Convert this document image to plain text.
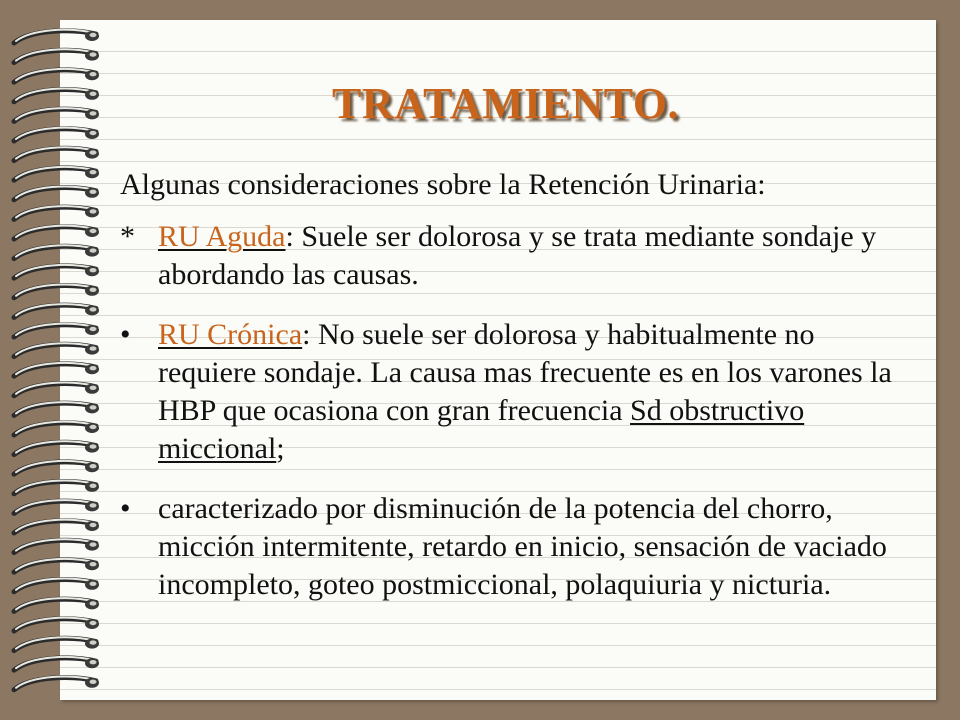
TRATAMIENTO.

Algunas consideraciones sobre la Retención Urinaria:

* RU Aguda: Suele ser dolorosa y se trata mediante sondaje y abordando las causas.

• RU Crónica: No suele ser dolorosa y habitualmente no requiere sondaje. La causa mas frecuente es en los varones la HBP que ocasiona con gran frecuencia Sd obstructivo miccional;

• caracterizado por disminución de la potencia del chorro, micción intermitente, retardo en inicio, sensación de vaciado incompleto, goteo postmiccional, polaquiuria y nicturia.
